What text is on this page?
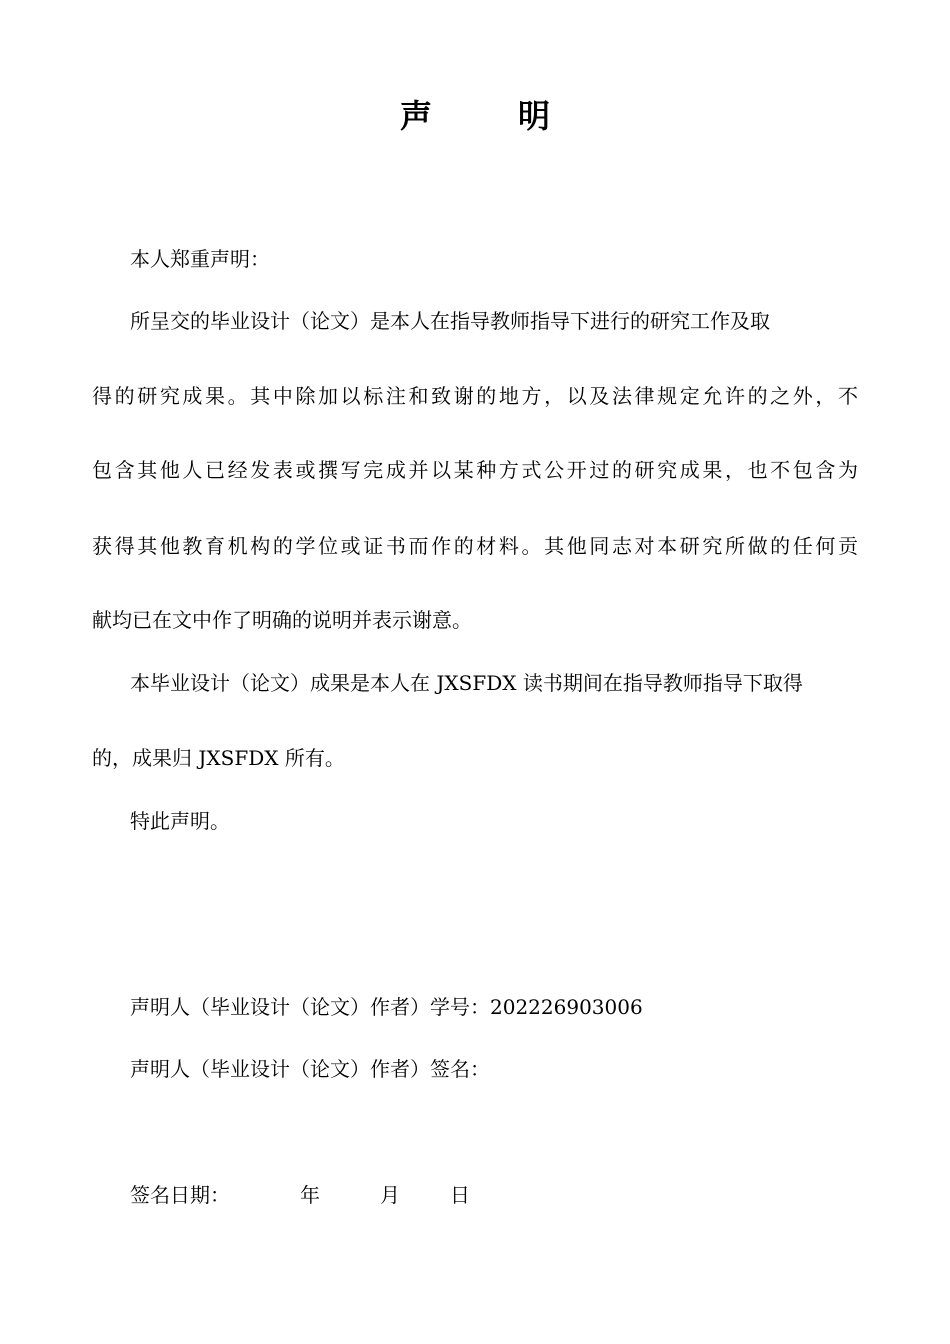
声	明
本人郑重声明：
所呈交的毕业设计（论文）是本人在指导教师指导下进行的研究工作及取
得的研究成果。其中除加以标注和致谢的地方，以及法律规定允许的之外，不
包含其他人已经发表或撰写完成并以某种方式公开过的研究成果，也不包含为
获得其他教育机构的学位或证书而作的材料。其他同志对本研究所做的任何贡
献均已在文中作了明确的说明并表示谢意。
本毕业设计（论文）成果是本人在 JXSFDX 读书期间在指导教师指导下取得
的，成果归 JXSFDX 所有。
特此声明。
声明人（毕业设计（论文）作者）学号：202226903006
声明人（毕业设计（论文）作者）签名：
签名日期：	年	月	日
